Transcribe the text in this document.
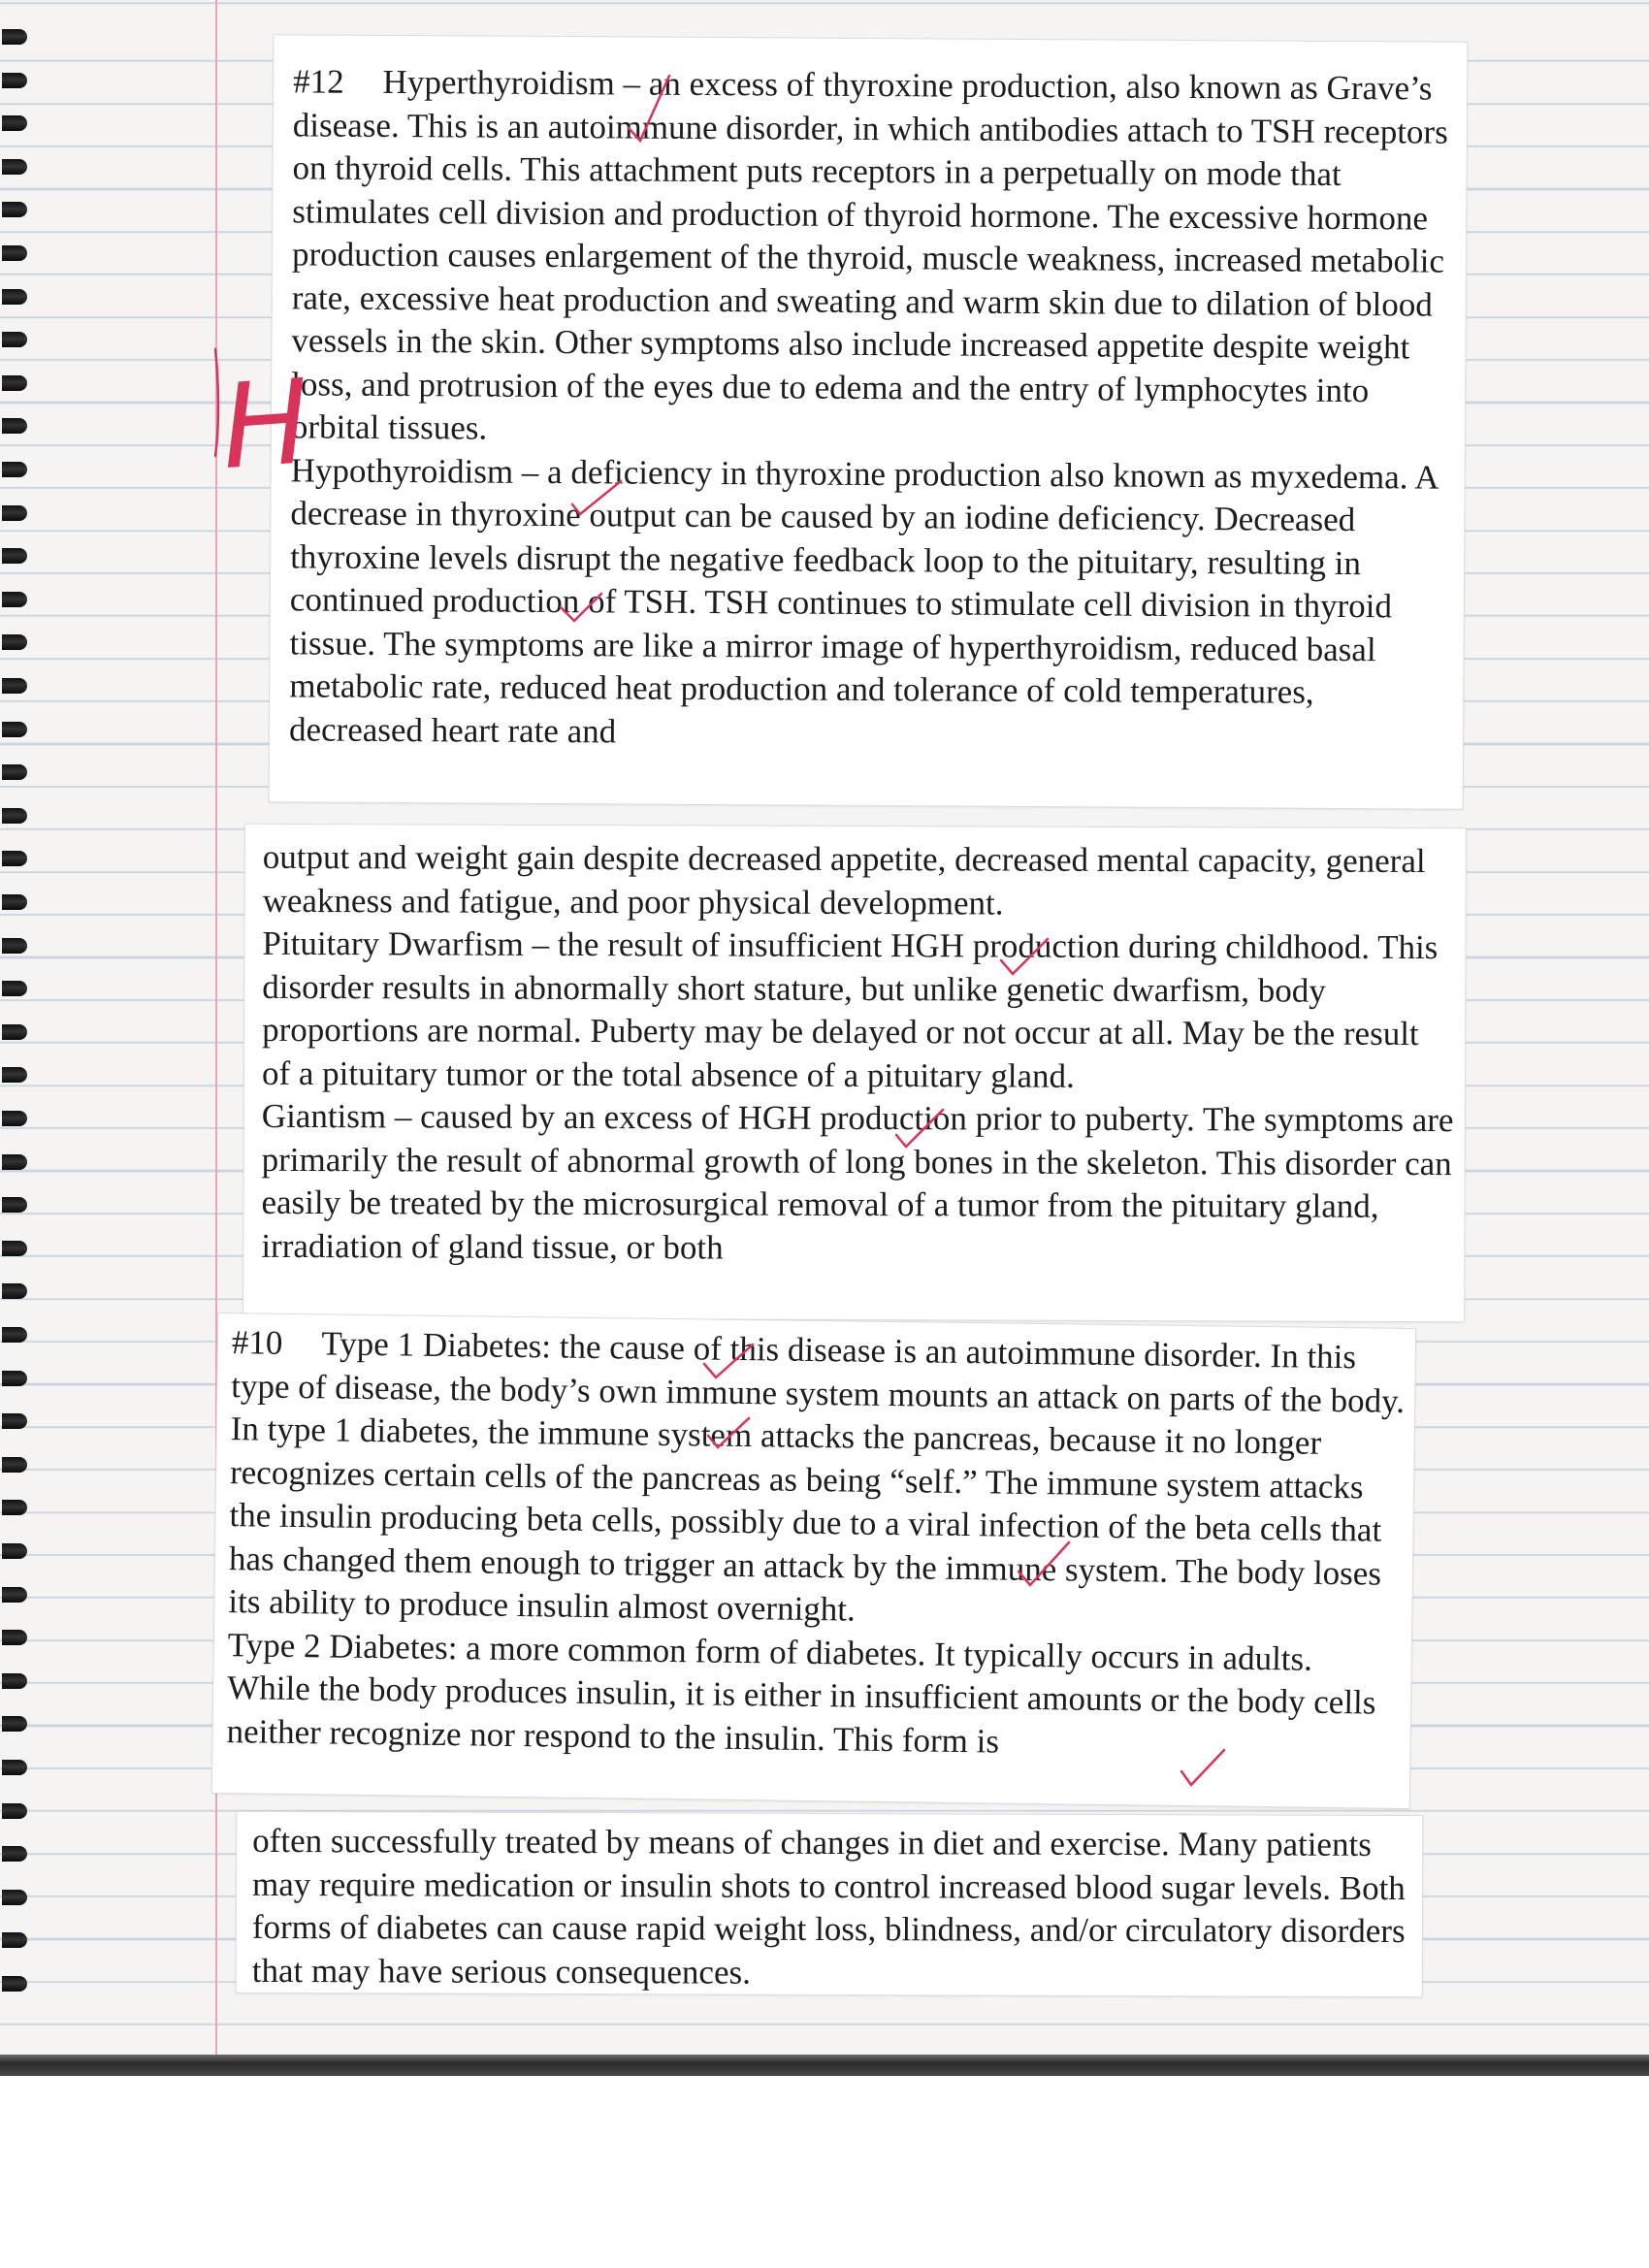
#12 Hyperthyroidism – an excess of thyroxine production, also known as Grave’s disease. This is an autoimmune disorder, in which antibodies attach to TSH receptors on thyroid cells. This attachment puts receptors in a perpetually on mode that stimulates cell division and production of thyroid hormone. The excessive hormone production causes enlargement of the thyroid, muscle weakness, increased metabolic rate, excessive heat production and sweating and warm skin due to dilation of blood vessels in the skin. Other symptoms also include increased appetite despite weight loss, and protrusion of the eyes due to edema and the entry of lymphocytes into orbital tissues.

Hypothyroidism – a deficiency in thyroxine production also known as myxedema. A decrease in thyroxine output can be caused by an iodine deficiency. Decreased thyroxine levels disrupt the negative feedback loop to the pituitary, resulting in continued production of TSH. TSH continues to stimulate cell division in thyroid tissue. The symptoms are like a mirror image of hyperthyroidism, reduced basal metabolic rate, reduced heat production and tolerance of cold temperatures, decreased heart rate and

output and weight gain despite decreased appetite, decreased mental capacity, general weakness and fatigue, and poor physical development.

Pituitary Dwarfism – the result of insufficient HGH production during childhood. This disorder results in abnormally short stature, but unlike genetic dwarfism, body proportions are normal. Puberty may be delayed or not occur at all. May be the result of a pituitary tumor or the total absence of a pituitary gland.

Giantism – caused by an excess of HGH production prior to puberty. The symptoms are primarily the result of abnormal growth of long bones in the skeleton. This disorder can easily be treated by the microsurgical removal of a tumor from the pituitary gland, irradiation of gland tissue, or both

#10 Type 1 Diabetes: the cause of this disease is an autoimmune disorder. In this type of disease, the body’s own immune system mounts an attack on parts of the body. In type 1 diabetes, the immune system attacks the pancreas, because it no longer recognizes certain cells of the pancreas as being “self.” The immune system attacks the insulin producing beta cells, possibly due to a viral infection of the beta cells that has changed them enough to trigger an attack by the immune system. The body loses its ability to produce insulin almost overnight.

Type 2 Diabetes: a more common form of diabetes. It typically occurs in adults. While the body produces insulin, it is either in insufficient amounts or the body cells neither recognize nor respond to the insulin. This form is

often successfully treated by means of changes in diet and exercise. Many patients may require medication or insulin shots to control increased blood sugar levels. Both forms of diabetes can cause rapid weight loss, blindness, and/or circulatory disorders that may have serious consequences.

H
